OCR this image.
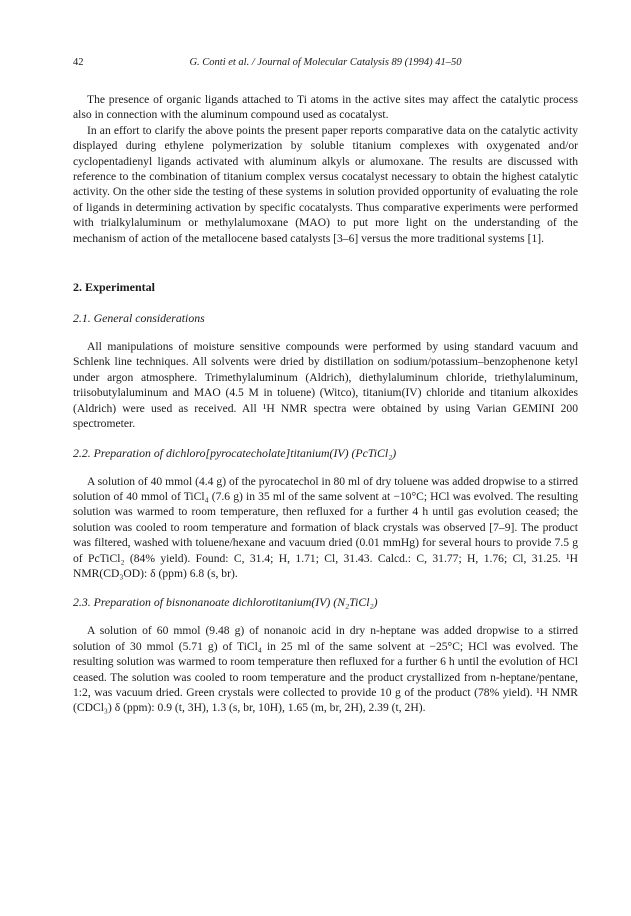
42	G. Conti et al. / Journal of Molecular Catalysis 89 (1994) 41–50

The presence of organic ligands attached to Ti atoms in the active sites may affect the catalytic process also in connection with the aluminum compound used as cocatalyst.

In an effort to clarify the above points the present paper reports comparative data on the catalytic activity displayed during ethylene polymerization by soluble titanium complexes with oxygenated and/or cyclopentadienyl ligands activated with aluminum alkyls or alumoxane. The results are discussed with reference to the combination of titanium complex versus cocatalyst necessary to obtain the highest catalytic activity. On the other side the testing of these systems in solution provided opportunity of evaluating the role of ligands in determining activation by specific cocatalysts. Thus comparative experiments were performed with trialkylaluminum or methylalumoxane (MAO) to put more light on the understanding of the mechanism of action of the metallocene based catalysts [3–6] versus the more traditional systems [1].

2. Experimental
2.1. General considerations

All manipulations of moisture sensitive compounds were performed by using standard vacuum and Schlenk line techniques. All solvents were dried by distillation on sodium/potassium–benzophenone ketyl under argon atmosphere. Trimethylaluminum (Aldrich), diethylaluminum chloride, triethylaluminum, triisobutylaluminum and MAO (4.5 M in toluene) (Witco), titanium(IV) chloride and titanium alkoxides (Aldrich) were used as received. All ¹H NMR spectra were obtained by using Varian GEMINI 200 spectrometer.

2.2. Preparation of dichloro[pyrocatecholate]titanium(IV) (PcTiCl₂)

A solution of 40 mmol (4.4 g) of the pyrocatechol in 80 ml of dry toluene was added dropwise to a stirred solution of 40 mmol of TiCl₄ (7.6 g) in 35 ml of the same solvent at −10°C; HCl was evolved. The resulting solution was warmed to room temperature, then refluxed for a further 4 h until gas evolution ceased; the solution was cooled to room temperature and formation of black crystals was observed [7–9]. The product was filtered, washed with toluene/hexane and vacuum dried (0.01 mmHg) for several hours to provide 7.5 g of PcTiCl₂ (84% yield). Found: C, 31.4; H, 1.71; Cl, 31.43. Calcd.: C, 31.77; H, 1.76; Cl, 31.25. ¹H NMR(CD₃OD): δ (ppm) 6.8 (s, br).

2.3. Preparation of bisnonanoate dichlorotitanium(IV) (N₂TiCl₂)

A solution of 60 mmol (9.48 g) of nonanoic acid in dry n-heptane was added dropwise to a stirred solution of 30 mmol (5.71 g) of TiCl₄ in 25 ml of the same solvent at −25°C; HCl was evolved. The resulting solution was warmed to room temperature then refluxed for a further 6 h until the evolution of HCl ceased. The solution was cooled to room temperature and the product crystallized from n-heptane/pentane, 1:2, was vacuum dried. Green crystals were collected to provide 10 g of the product (78% yield). ¹H NMR (CDCl₃) δ (ppm): 0.9 (t, 3H), 1.3 (s, br, 10H), 1.65 (m, br, 2H), 2.39 (t, 2H).
